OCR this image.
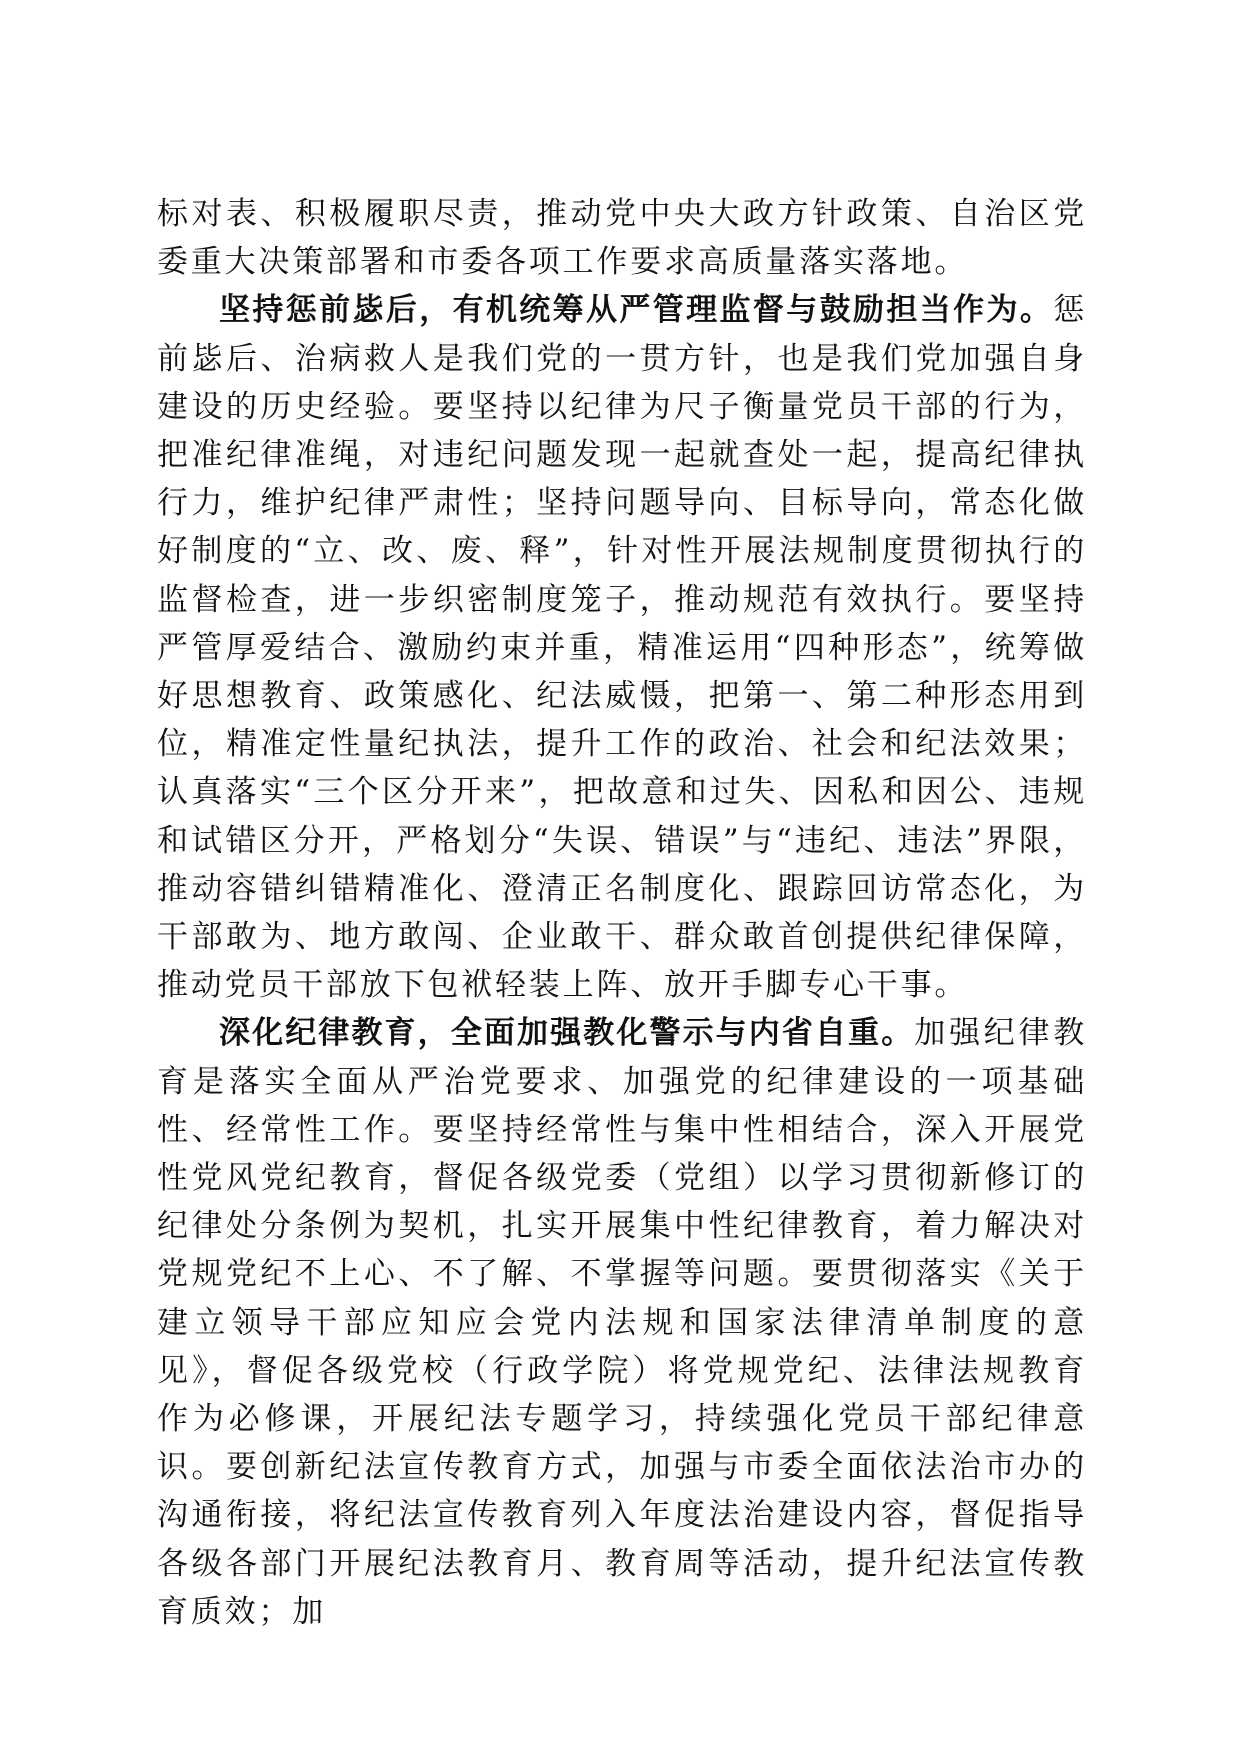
标对表、积极履职尽责，推动党中央大政方针政策、自治区党委重大决策部署和市委各项工作要求高质量落实落地。

坚持惩前毖后，有机统筹从严管理监督与鼓励担当作为。惩前毖后、治病救人是我们党的一贯方针，也是我们党加强自身建设的历史经验。要坚持以纪律为尺子衡量党员干部的行为，把准纪律准绳，对违纪问题发现一起就查处一起，提高纪律执行力，维护纪律严肃性；坚持问题导向、目标导向，常态化做好制度的“立、改、废、释”，针对性开展法规制度贯彻执行的监督检查，进一步织密制度笼子，推动规范有效执行。要坚持严管厚爱结合、激励约束并重，精准运用“四种形态”，统筹做好思想教育、政策感化、纪法威慑，把第一、第二种形态用到位，精准定性量纪执法，提升工作的政治、社会和纪法效果；认真落实“三个区分开来”，把故意和过失、因私和因公、违规和试错区分开，严格划分“失误、错误”与“违纪、违法”界限，推动容错纠错精准化、澄清正名制度化、跟踪回访常态化，为干部敢为、地方敢闯、企业敢干、群众敢首创提供纪律保障，推动党员干部放下包袱轻装上阵、放开手脚专心干事。

深化纪律教育，全面加强教化警示与内省自重。加强纪律教育是落实全面从严治党要求、加强党的纪律建设的一项基础性、经常性工作。要坚持经常性与集中性相结合，深入开展党性党风党纪教育，督促各级党委（党组）以学习贯彻新修订的纪律处分条例为契机，扎实开展集中性纪律教育，着力解决对党规党纪不上心、不了解、不掌握等问题。要贯彻落实《关于建立领导干部应知应会党内法规和国家法律清单制度的意见》，督促各级党校（行政学院）将党规党纪、法律法规教育作为必修课，开展纪法专题学习，持续强化党员干部纪律意识。要创新纪法宣传教育方式，加强与市委全面依法治市办的沟通衔接，将纪法宣传教育列入年度法治建设内容，督促指导各级各部门开展纪法教育月、教育周等活动，提升纪法宣传教育质效；加
